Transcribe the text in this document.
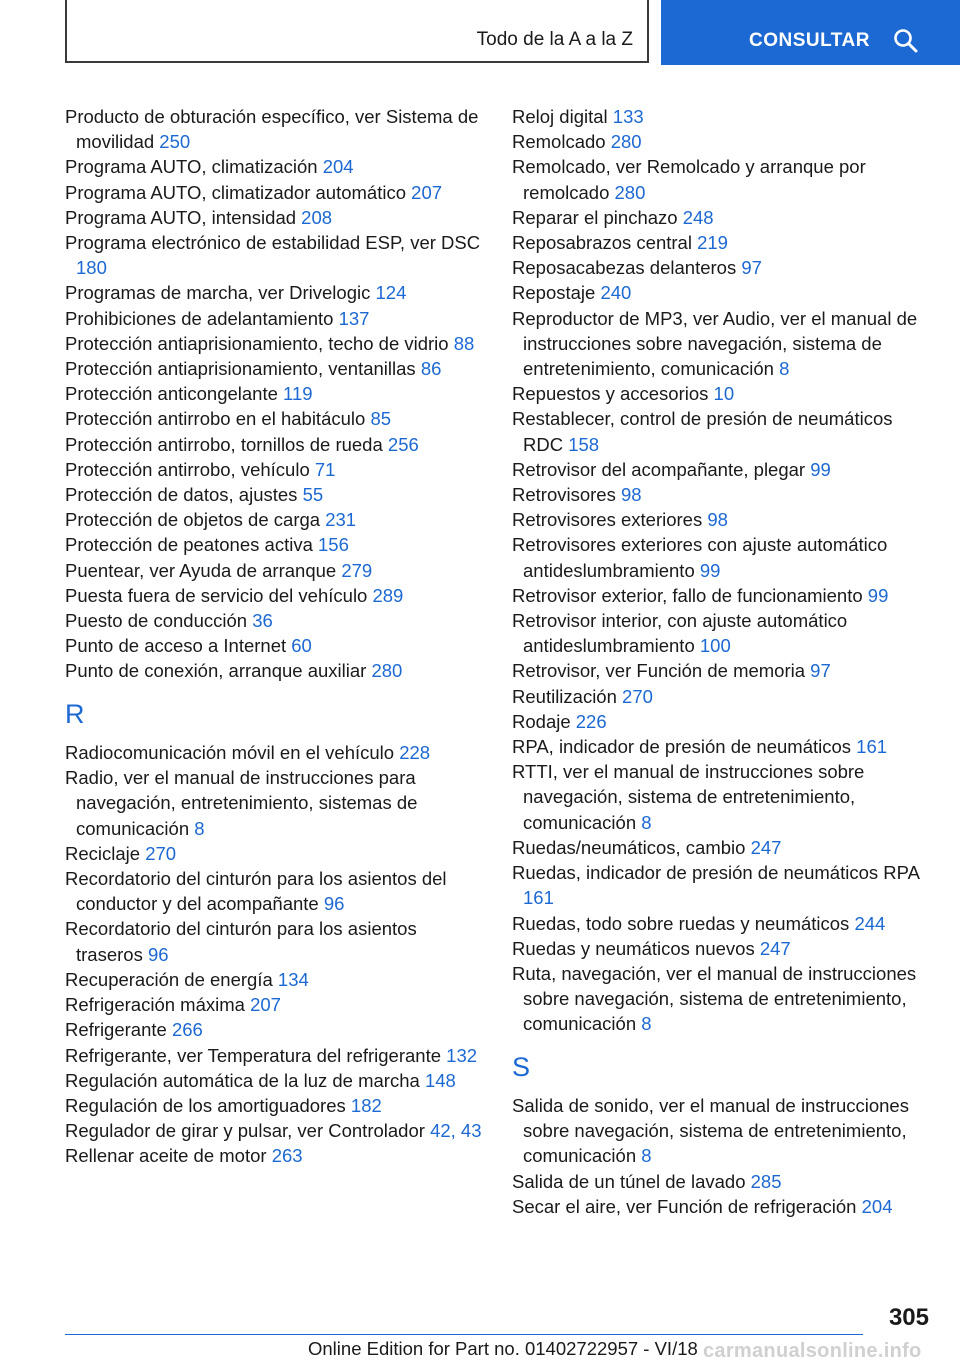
Todo de la A a la Z	CONSULTAR
Producto de obturación específico, ver Sistema de movilidad 250
Programa AUTO, climatización 204
Programa AUTO, climatizador automático 207
Programa AUTO, intensidad 208
Programa electrónico de estabilidad ESP, ver DSC 180
Programas de marcha, ver Drivelogic 124
Prohibiciones de adelantamiento 137
Protección antiaprisionamiento, techo de vidrio 88
Protección antiaprisionamiento, ventanillas 86
Protección anticongelante 119
Protección antirrobo en el habitáculo 85
Protección antirrobo, tornillos de rueda 256
Protección antirrobo, vehículo 71
Protección de datos, ajustes 55
Protección de objetos de carga 231
Protección de peatones activa 156
Puentear, ver Ayuda de arranque 279
Puesta fuera de servicio del vehículo 289
Puesto de conducción 36
Punto de acceso a Internet 60
Punto de conexión, arranque auxiliar 280
R
Radiocomunicación móvil en el vehículo 228
Radio, ver el manual de instrucciones para navegación, entretenimiento, sistemas de comunicación 8
Reciclaje 270
Recordatorio del cinturón para los asientos del conductor y del acompañante 96
Recordatorio del cinturón para los asientos traseros 96
Recuperación de energía 134
Refrigeración máxima 207
Refrigerante 266
Refrigerante, ver Temperatura del refrigerante 132
Regulación automática de la luz de marcha 148
Regulación de los amortiguadores 182
Regulador de girar y pulsar, ver Controlador 42, 43
Rellenar aceite de motor 263
Reloj digital 133
Remolcado 280
Remolcado, ver Remolcado y arranque por remolcado 280
Reparar el pinchazo 248
Reposabrazos central 219
Reposacabezas delanteros 97
Repostaje 240
Reproductor de MP3, ver Audio, ver el manual de instrucciones sobre navegación, sistema de entretenimiento, comunicación 8
Repuestos y accesorios 10
Restablecer, control de presión de neumáticos RDC 158
Retrovisor del acompañante, plegar 99
Retrovisores 98
Retrovisores exteriores 98
Retrovisores exteriores con ajuste automático antideslumbramiento 99
Retrovisor exterior, fallo de funcionamiento 99
Retrovisor interior, con ajuste automático antideslumbramiento 100
Retrovisor, ver Función de memoria 97
Reutilización 270
Rodaje 226
RPA, indicador de presión de neumáticos 161
RTTI, ver el manual de instrucciones sobre navegación, sistema de entretenimiento, comunicación 8
Ruedas/neumáticos, cambio 247
Ruedas, indicador de presión de neumáticos RPA 161
Ruedas, todo sobre ruedas y neumáticos 244
Ruedas y neumáticos nuevos 247
Ruta, navegación, ver el manual de instrucciones sobre navegación, sistema de entretenimiento, comunicación 8
S
Salida de sonido, ver el manual de instrucciones sobre navegación, sistema de entretenimiento, comunicación 8
Salida de un túnel de lavado 285
Secar el aire, ver Función de refrigeración 204
305
Online Edition for Part no. 01402722957 - VI/18 carmanualsonline.info
